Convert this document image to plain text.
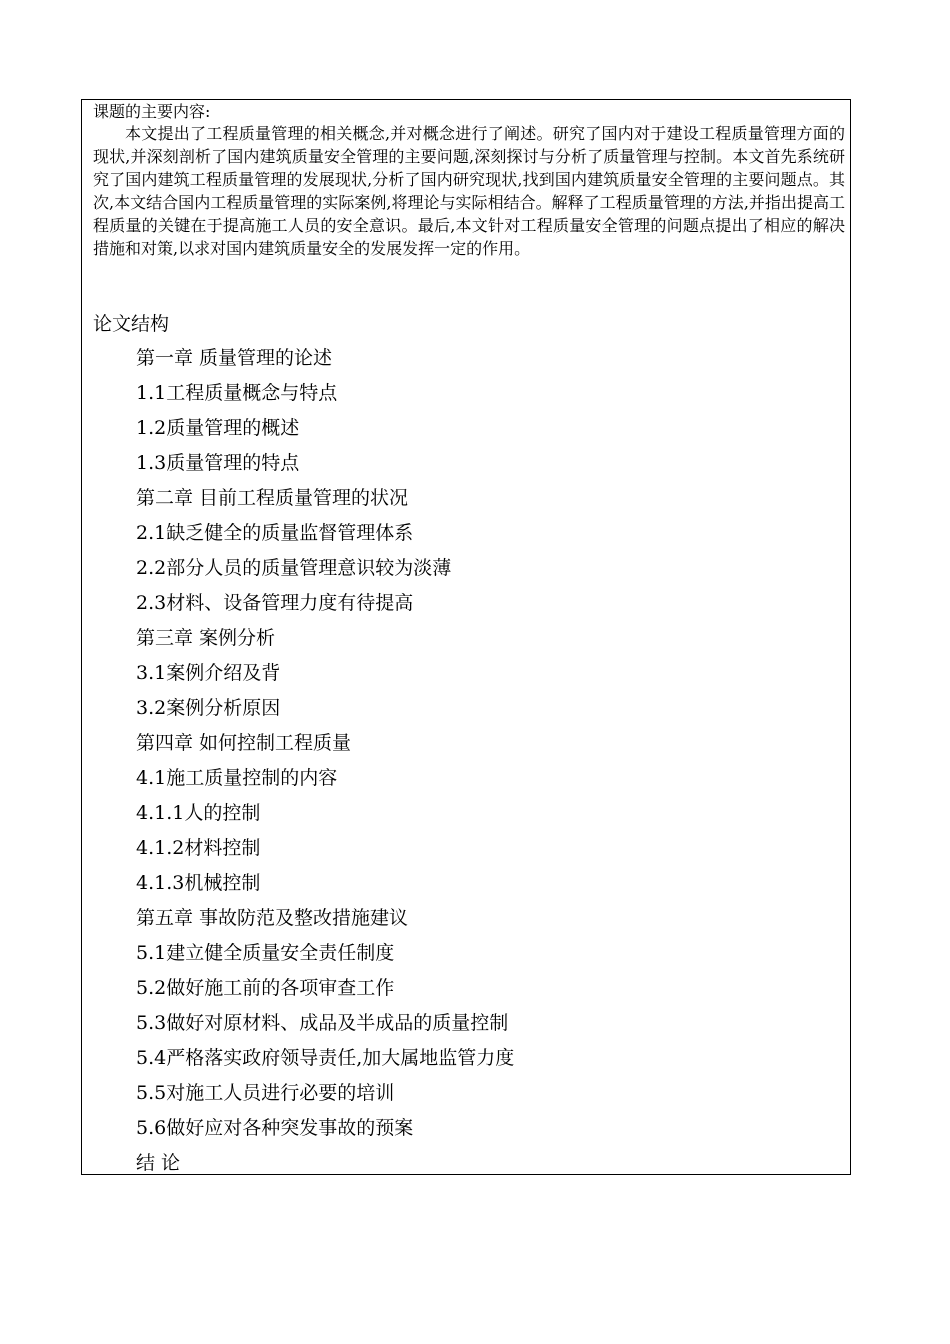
课题的主要内容:

本文提出了工程质量管理的相关概念,并对概念进行了阐述。研究了国内对于建设工程质量管理方面的现状,并深刻剖析了国内建筑质量安全管理的主要问题,深刻探讨与分析了质量管理与控制。本文首先系统研究了国内建筑工程质量管理的发展现状,分析了国内研究现状,找到国内建筑质量安全管理的主要问题点。其次,本文结合国内工程质量管理的实际案例,将理论与实际相结合。解释了工程质量管理的方法,并指出提高工程质量的关键在于提高施工人员的安全意识。最后,本文针对工程质量安全管理的问题点提出了相应的解决措施和对策,以求对国内建筑质量安全的发展发挥一定的作用。

论文结构
第一章 质量管理的论述
1.1工程质量概念与特点
1.2质量管理的概述
1.3质量管理的特点
第二章 目前工程质量管理的状况
2.1缺乏健全的质量监督管理体系
2.2部分人员的质量管理意识较为淡薄
2.3材料、设备管理力度有待提高
第三章 案例分析
3.1案例介绍及背
3.2案例分析原因
第四章 如何控制工程质量
4.1施工质量控制的内容
4.1.1人的控制
4.1.2材料控制
4.1.3机械控制
第五章 事故防范及整改措施建议
5.1建立健全质量安全责任制度
5.2做好施工前的各项审查工作
5.3做好对原材料、成品及半成品的质量控制
5.4严格落实政府领导责任,加大属地监管力度
5.5对施工人员进行必要的培训
5.6做好应对各种突发事故的预案
结 论
